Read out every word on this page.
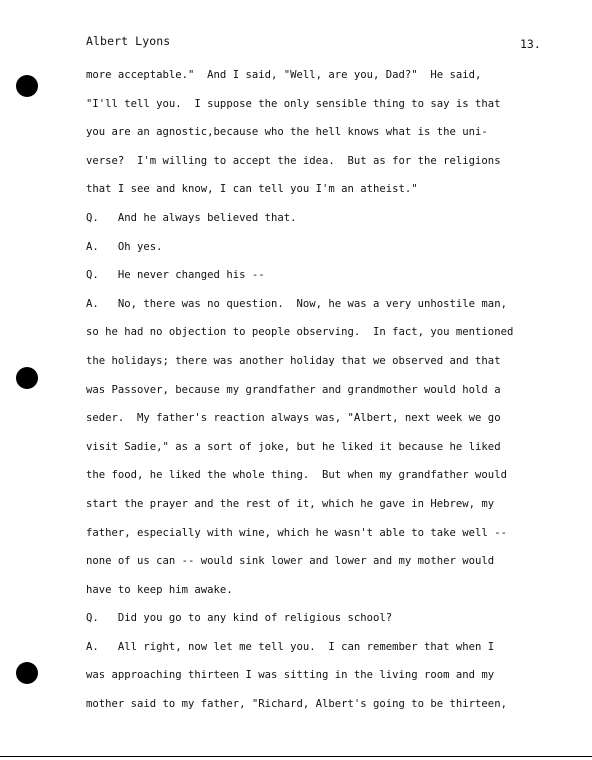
Albert Lyons	13.
more acceptable."  And I said, "Well, are you, Dad?"  He said,
"I'll tell you.  I suppose the only sensible thing to say is that
you are an agnostic,because who the hell knows what is the uni-
verse?  I'm willing to accept the idea.  But as for the religions
that I see and know, I can tell you I'm an atheist."
Q.   And he always believed that.
A.   Oh yes.
Q.   He never changed his --
A.   No, there was no question.  Now, he was a very unhostile man,
so he had no objection to people observing.  In fact, you mentioned
the holidays; there was another holiday that we observed and that
was Passover, because my grandfather and grandmother would hold a
seder.  My father's reaction always was, "Albert, next week we go
visit Sadie," as a sort of joke, but he liked it because he liked
the food, he liked the whole thing.  But when my grandfather would
start the prayer and the rest of it, which he gave in Hebrew, my
father, especially with wine, which he wasn't able to take well --
none of us can -- would sink lower and lower and my mother would
have to keep him awake.
Q.   Did you go to any kind of religious school?
A.   All right, now let me tell you.  I can remember that when I
was approaching thirteen I was sitting in the living room and my
mother said to my father, "Richard, Albert's going to be thirteen,
